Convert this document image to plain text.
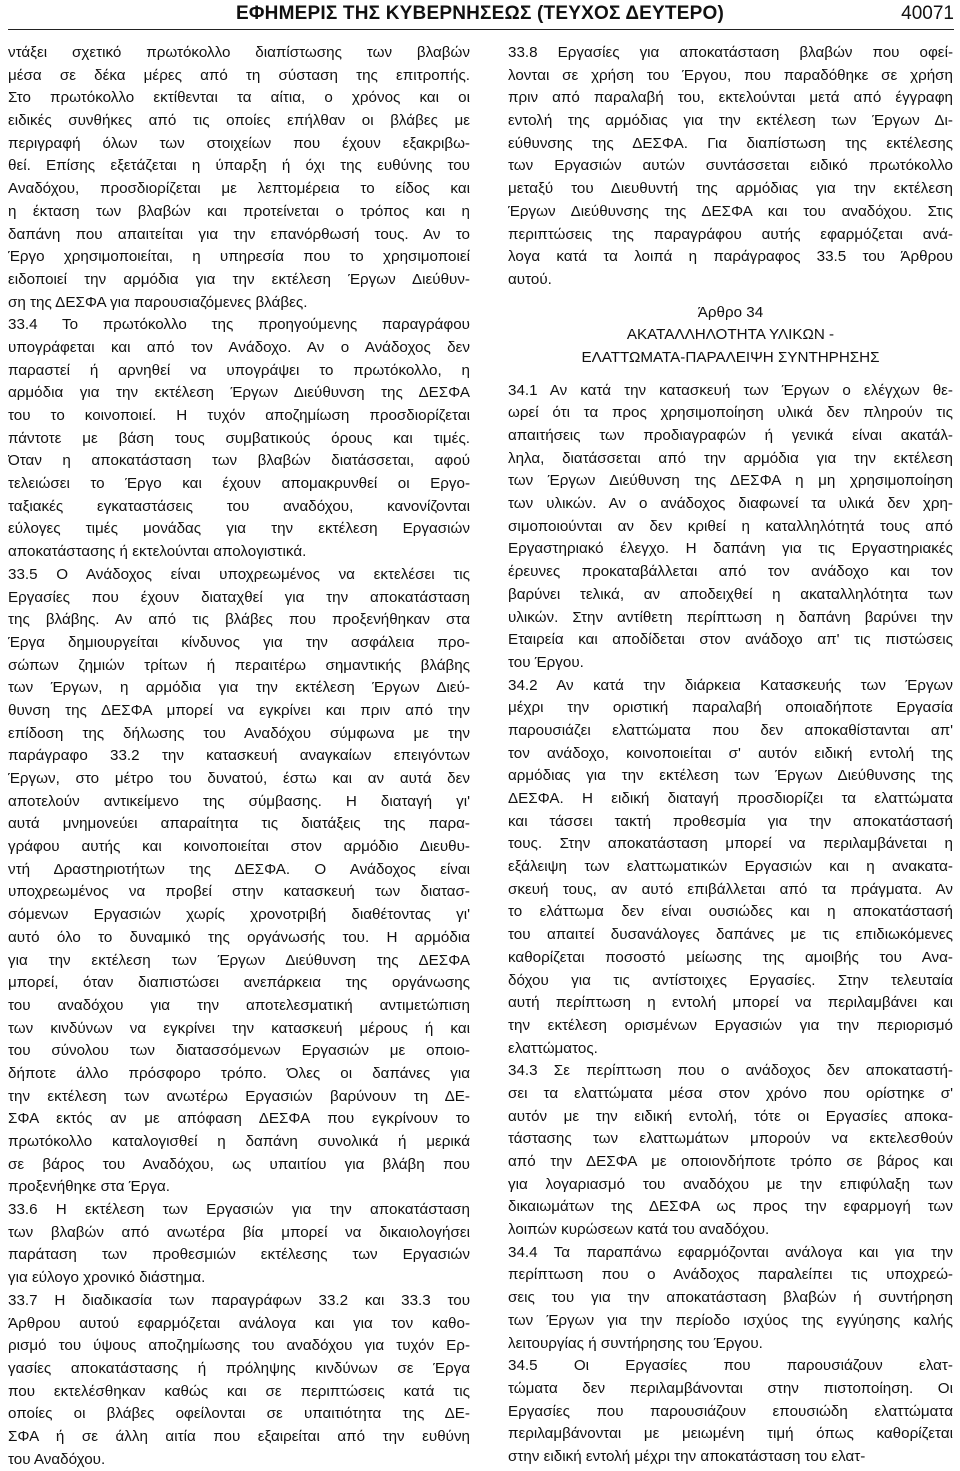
ΕΦΗΜΕΡΙΣ ΤΗΣ ΚΥΒΕΡΝΗΣΕΩΣ (ΤΕΥΧΟΣ ΔΕΥΤΕΡΟ)	40071
ντάξει σχετικό πρωτόκολλο διαπίστωσης των βλαβών
μέσα σε δέκα μέρες από τη σύσταση της επιτροπής.
Στο πρωτόκολλο εκτίθενται τα αίτια, ο χρόνος και οι
ειδικές συνθήκες από τις οποίες επήλθαν οι βλάβες με
περιγραφή όλων των στοιχείων που έχουν εξακριβω-
θεί. Επίσης εξετάζεται η ύπαρξη ή όχι της ευθύνης του
Αναδόχου, προσδιορίζεται με λεπτομέρεια το είδος και
η έκταση των βλαβών και προτείνεται ο τρόπος και η
δαπάνη που απαιτείται για την επανόρθωσή τους. Αν το
Έργο χρησιμοποιείται, η υπηρεσία που το χρησιμοποιεί
ειδοποιεί την αρμόδια για την εκτέλεση Έργων Διεύθυν-
ση της ΔΕΣΦΑ για παρουσιαζόμενες βλάβες.
33.4 Το πρωτόκολλο της προηγούμενης παραγράφου
υπογράφεται και από τον Ανάδοχο. Αν ο Ανάδοχος δεν
παραστεί ή αρνηθεί να υπογράψει το πρωτόκολλο, η
αρμόδια για την εκτέλεση Έργων Διεύθυνση της ΔΕΣΦΑ
του το κοινοποιεί. Η τυχόν αποζημίωση προσδιορίζεται
πάντοτε με βάση τους συμβατικούς όρους και τιμές.
Όταν η αποκατάσταση των βλαβών διατάσσεται, αφού
τελειώσει το Έργο και έχουν απομακρυνθεί οι Εργο-
ταξιακές εγκαταστάσεις του αναδόχου, κανονίζονται
εύλογες τιμές μονάδας για την εκτέλεση Εργασιών
αποκατάστασης ή εκτελούνται απολογιστικά.
33.5 Ο Ανάδοχος είναι υποχρεωμένος να εκτελέσει τις
Εργασίες που έχουν διαταχθεί για την αποκατάσταση
της βλάβης. Αν από τις βλάβες που προξενήθηκαν στα
Έργα δημιουργείται κίνδυνος για την ασφάλεια προ-
σώπων ζημιών τρίτων ή περαιτέρω σημαντικής βλάβης
των Έργων, η αρμόδια για την εκτέλεση Έργων Διεύ-
θυνση της ΔΕΣΦΑ μπορεί να εγκρίνει και πριν από την
επίδοση της δήλωσης του Αναδόχου σύμφωνα με την
παράγραφο 33.2 την κατασκευή αναγκαίων επειγόντων
Έργων, στο μέτρο του δυνατού, έστω και αν αυτά δεν
αποτελούν αντικείμενο της σύμβασης. Η διαταγή γι'
αυτά μνημονεύει απαραίτητα τις διατάξεις της παρα-
γράφου αυτής και κοινοποιείται στον αρμόδιο Διευθυ-
ντή Δραστηριοτήτων της ΔΕΣΦΑ. Ο Ανάδοχος είναι
υποχρεωμένος να προβεί στην κατασκευή των διατασ-
σόμενων Εργασιών χωρίς χρονοτριβή διαθέτοντας γι'
αυτό όλο το δυναμικό της οργάνωσής του. Η αρμόδια
για την εκτέλεση των Έργων Διεύθυνση της ΔΕΣΦΑ
μπορεί, όταν διαπιστώσει ανεπάρκεια της οργάνωσης
του αναδόχου για την αποτελεσματική αντιμετώπιση
των κινδύνων να εγκρίνει την κατασκευή μέρους ή και
του σύνολου των διατασσόμενων Εργασιών με οποιο-
δήποτε άλλο πρόσφορο τρόπο. Όλες οι δαπάνες για
την εκτέλεση των ανωτέρω Εργασιών βαρύνουν τη ΔΕ-
ΣΦΑ εκτός αν με απόφαση ΔΕΣΦΑ που εγκρίνουν το
πρωτόκολλο καταλογισθεί η δαπάνη συνολικά ή μερικά
σε βάρος του Αναδόχου, ως υπαιτίου για βλάβη που
προξενήθηκε στα Έργα.
33.6 Η εκτέλεση των Εργασιών για την αποκατάσταση
των βλαβών από ανωτέρα βία μπορεί να δικαιολογήσει
παράταση των προθεσμιών εκτέλεσης των Εργασιών
για εύλογο χρονικό διάστημα.
33.7 Η διαδικασία των παραγράφων 33.2 και 33.3 του
Άρθρου αυτού εφαρμόζεται ανάλογα και για τον καθο-
ρισμό του ύψους αποζημίωσης του αναδόχου για τυχόν Ερ-
γασίες αποκατάστασης ή πρόληψης κινδύνων σε Έργα
που εκτελέσθηκαν καθώς και σε περιπτώσεις κατά τις
οποίες οι βλάβες οφείλονται σε υπαιτιότητα της ΔΕ-
ΣΦΑ ή σε άλλη αιτία που εξαιρείται από την ευθύνη
του Αναδόχου.
33.8 Εργασίες για αποκατάσταση βλαβών που οφεί-
λονται σε χρήση του Έργου, που παραδόθηκε σε χρήση
πριν από παραλαβή του, εκτελούνται μετά από έγγραφη
εντολή της αρμόδιας για την εκτέλεση των Έργων Δι-
εύθυνσης της ΔΕΣΦΑ. Για διαπίστωση της εκτέλεσης
των Εργασιών αυτών συντάσσεται ειδικό πρωτόκολλο
μεταξύ του Διευθυντή της αρμόδιας για την εκτέλεση
Έργων Διεύθυνσης της ΔΕΣΦΑ και του αναδόχου. Στις
περιπτώσεις της παραγράφου αυτής εφαρμόζεται ανά-
λογα κατά τα λοιπά η παράγραφος 33.5 του Άρθρου
αυτού.
Άρθρο 34
ΑΚΑΤΑΛΛΗΛΟΤΗΤΑ ΥΛΙΚΩΝ -
ΕΛΑΤΤΩΜΑΤΑ-ΠΑΡΑΛΕΙΨΗ ΣΥΝΤΗΡΗΣΗΣ
34.1 Αν κατά την κατασκευή των Έργων ο ελέγχων θε-
ωρεί ότι τα προς χρησιμοποίηση υλικά δεν πληρούν τις
απαιτήσεις των προδιαγραφών ή γενικά είναι ακατάλ-
ληλα, διατάσσεται από την αρμόδια για την εκτέλεση
των Έργων Διεύθυνση της ΔΕΣΦΑ η μη χρησιμοποίηση
των υλικών. Αν ο ανάδοχος διαφωνεί τα υλικά δεν χρη-
σιμοποιούνται αν δεν κριθεί η καταλληλότητά τους από
Εργαστηριακό έλεγχο. Η δαπάνη για τις Εργαστηριακές
έρευνες προκαταβάλλεται από τον ανάδοχο και τον
βαρύνει τελικά, αν αποδειχθεί η ακαταλληλότητα των
υλικών. Στην αντίθετη περίπτωση η δαπάνη βαρύνει την
Εταιρεία και αποδίδεται στον ανάδοχο απ' τις πιστώσεις
του Έργου.
34.2 Αν κατά την διάρκεια Κατασκευής των Έργων
μέχρι την οριστική παραλαβή οποιαδήποτε Εργασία
παρουσιάζει ελαττώματα που δεν αποκαθίστανται απ'
τον ανάδοχο, κοινοποιείται σ' αυτόν ειδική εντολή της
αρμόδιας για την εκτέλεση των Έργων Διεύθυνσης της
ΔΕΣΦΑ. Η ειδική διαταγή προσδιορίζει τα ελαττώματα
και τάσσει τακτή προθεσμία για την αποκατάστασή
τους. Στην αποκατάσταση μπορεί να περιλαμβάνεται η
εξάλειψη των ελαττωματικών Εργασιών και η ανακατα-
σκευή τους, αν αυτό επιβάλλεται από τα πράγματα. Αν
το ελάττωμα δεν είναι ουσιώδες και η αποκατάστασή
του απαιτεί δυσανάλογες δαπάνες με τις επιδιωκόμενες
καθορίζεται ποσοστό μείωσης της αμοιβής του Ανα-
δόχου για τις αντίστοιχες Εργασίες. Στην τελευταία
αυτή περίπτωση η εντολή μπορεί να περιλαμβάνει και
την εκτέλεση ορισμένων Εργασιών για την περιορισμό
ελαττώματος.
34.3 Σε περίπτωση που ο ανάδοχος δεν αποκαταστή-
σει τα ελαττώματα μέσα στον χρόνο που ορίστηκε σ'
αυτόν με την ειδική εντολή, τότε οι Εργασίες αποκα-
τάστασης των ελαττωμάτων μπορούν να εκτελεσθούν
από την ΔΕΣΦΑ με οποιονδήποτε τρόπο σε βάρος και
για λογαριασμό του αναδόχου με την επιφύλαξη των
δικαιωμάτων της ΔΕΣΦΑ ως προς την εφαρμογή των
λοιπών κυρώσεων κατά του αναδόχου.
34.4 Τα παραπάνω εφαρμόζονται ανάλογα και για την
περίπτωση που ο Ανάδοχος παραλείπει τις υποχρεώ-
σεις του για την αποκατάσταση βλαβών ή συντήρηση
των Έργων για την περίοδο ισχύος της εγγύησης καλής
λειτουργίας ή συντήρησης του Έργου.
34.5 Οι Εργασίες που παρουσιάζουν ελατ-
τώματα δεν περιλαμβάνονται στην πιστοποίηση. Οι
Εργασίες που παρουσιάζουν επουσιώδη ελαττώματα
περιλαμβάνονται με μειωμένη τιμή όπως καθορίζεται
στην ειδική εντολή μέχρι την αποκατάσταση του ελατ-
